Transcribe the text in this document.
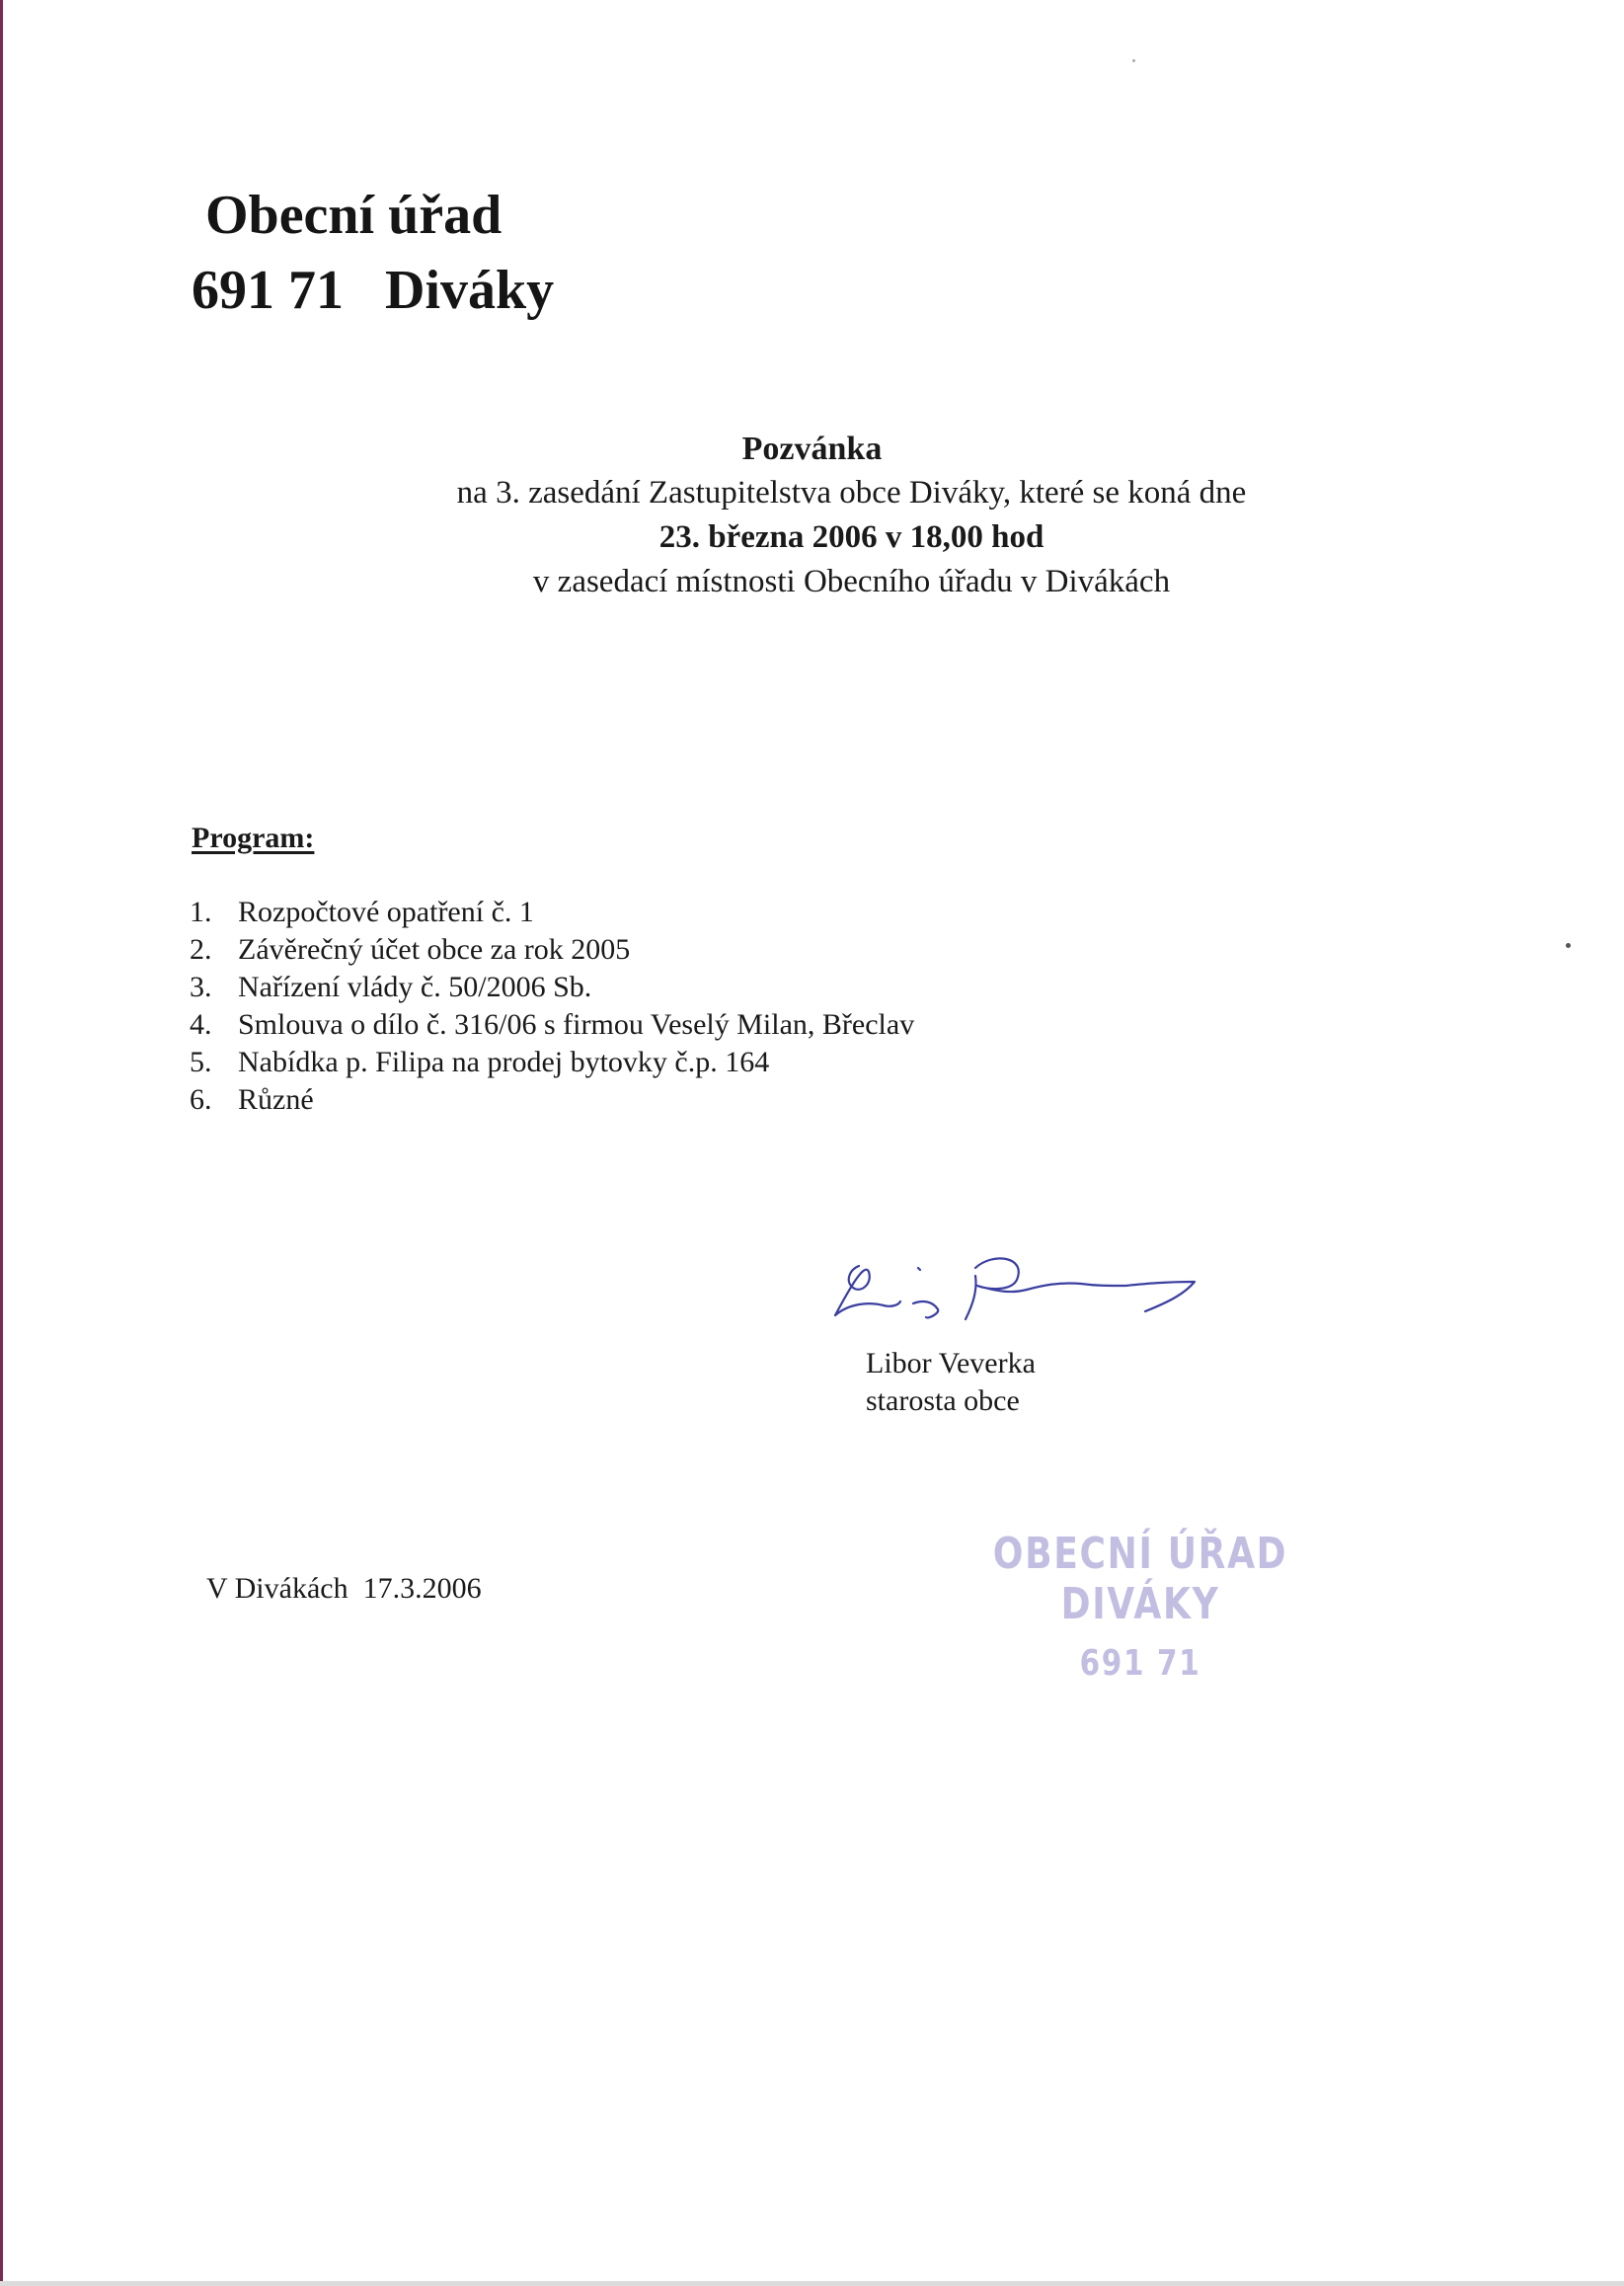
Obecní úřad
691 71   Diváky
Pozvánka
na 3. zasedání Zastupitelstva obce Diváky, které se koná dne
23. března 2006 v 18,00 hod
v zasedací místnosti Obecního úřadu v Divákách
Program:
1. Rozpočtové opatření č. 1
2. Závěrečný účet obce za rok 2005
3. Nařízení vlády č. 50/2006 Sb.
4. Smlouva o dílo č. 316/06 s firmou Veselý Milan, Břeclav
5. Nabídka p. Filipa na prodej bytovky č.p. 164
6. Různé
Libor Veverka
starosta obce
V Divákách  17.3.2006
OBECNÍ ÚŘAD DIVÁKY
691 71
